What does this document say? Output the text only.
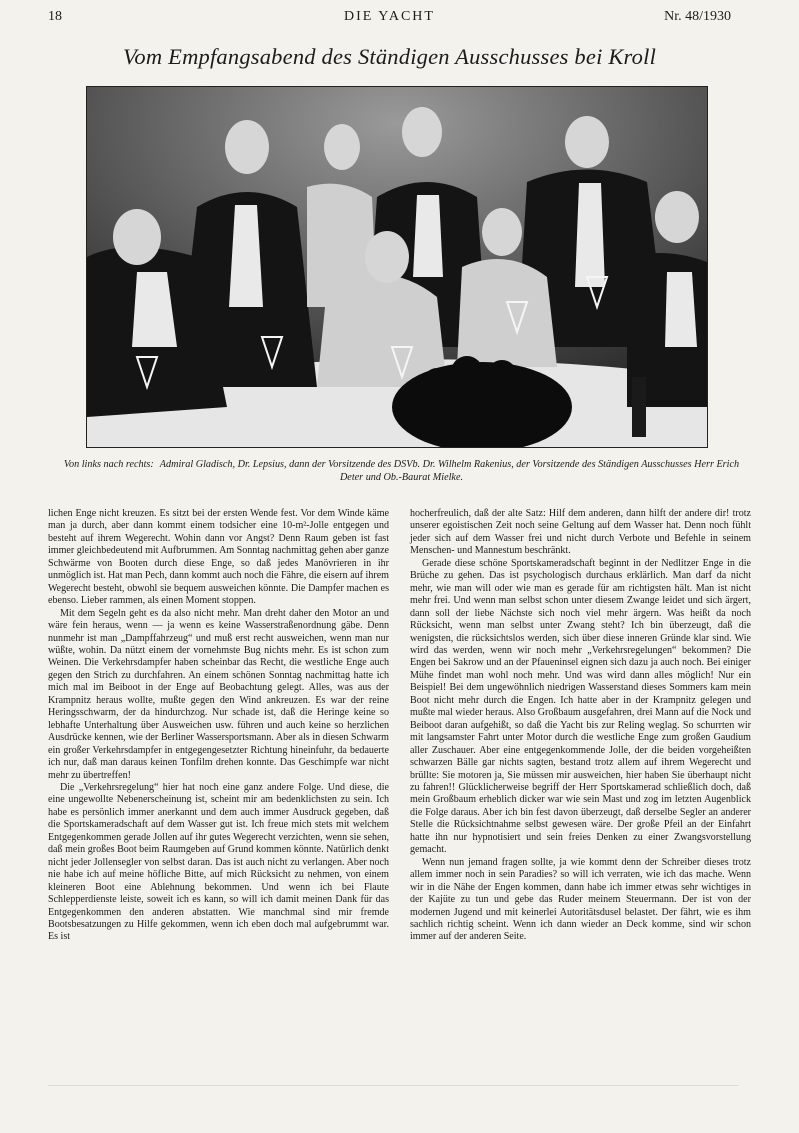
18	DIE YACHT	Nr. 48/1930
Vom Empfangsabend des Ständigen Ausschusses bei Kroll
Von links nach rechts: Admiral Gladisch, Dr. Lepsius, dann der Vorsitzende des DSVb. Dr. Wilhelm Rakenius, der Vorsitzende des Ständigen Ausschusses Herr Erich Deter und Ob.-Baurat Mielke.

lichen Enge nicht kreuzen. Es sitzt bei der ersten Wende fest. Vor dem Winde käme man ja durch, aber dann kommt einem todsicher eine 10-m²-Jolle entgegen und besteht auf ihrem Wegerecht. Wohin dann vor Angst? Denn Raum geben ist fast immer gleichbedeutend mit Aufbrummen. Am Sonntag nachmittag gehen aber ganze Schwärme von Booten durch diese Enge, so daß jedes Manövrieren in ihr unmöglich ist. Hat man Pech, dann kommt auch noch die Fähre, die eisern auf ihrem Wegerecht besteht, obwohl sie bequem ausweichen könnte. Die Dampfer machen es ebenso. Lieber rammen, als einen Moment stoppen.

Mit dem Segeln geht es da also nicht mehr. Man dreht daher den Motor an und wäre fein heraus, wenn — ja wenn es keine Wasserstraßenordnung gäbe. Denn nunmehr ist man „Dampffahrzeug“ und muß erst recht ausweichen, wenn man nur wüßte, wohin. Da nützt einem der vornehmste Bug nichts mehr. Es ist schon zum Weinen. Die Verkehrsdampfer haben scheinbar das Recht, die westliche Enge auch gegen den Strich zu durchfahren. An einem schönen Sonntag nachmittag hatte ich mich mal im Beiboot in der Enge auf Beobachtung gelegt. Alles, was aus der Krampnitz heraus wollte, mußte gegen den Wind ankreuzen. Es war der reine Heringsschwarm, der da hindurchzog. Nur schade ist, daß die Heringe keine so lebhafte Unterhaltung über Ausweichen usw. führen und auch keine so herzlichen Ausdrücke kennen, wie der Berliner Wassersportsmann. Aber als in diesen Schwarm ein großer Verkehrsdampfer in entgegengesetzter Richtung hineinfuhr, da bedauerte ich nur, daß man daraus keinen Tonfilm drehen konnte. Das Geschimpfe war nicht mehr zu übertreffen!

Die „Verkehrsregelung“ hier hat noch eine ganz andere Folge. Und diese, die eine ungewollte Nebenerscheinung ist, scheint mir am bedenklichsten zu sein. Ich habe es persönlich immer anerkannt und dem auch immer Ausdruck gegeben, daß die Sportskameradschaft auf dem Wasser gut ist. Ich freue mich stets mit welchem Entgegenkommen gerade Jollen auf ihr gutes Wegerecht verzichten, wenn sie sehen, daß mein großes Boot beim Raumgeben auf Grund kommen könnte. Natürlich denkt nicht jeder Jollensegler von selbst daran. Das ist auch nicht zu verlangen. Aber noch nie habe ich auf meine höfliche Bitte, auf mich Rücksicht zu nehmen, von einem kleineren Boot eine Ablehnung bekommen. Und wenn ich bei Flaute Schlepperdienste leiste, soweit ich es kann, so will ich damit meinen Dank für das Entgegenkommen den anderen abstatten. Wie manchmal sind mir fremde Bootsbesatzungen zu Hilfe gekommen, wenn ich eben doch mal aufgebrummt war. Es ist

hocherfreulich, daß der alte Satz: Hilf dem anderen, dann hilft der andere dir! trotz unserer egoistischen Zeit noch seine Geltung auf dem Wasser hat. Denn noch fühlt jeder sich auf dem Wasser frei und nicht durch Verbote und Befehle in seinem Menschen- und Mannestum beschränkt.

Gerade diese schöne Sportskameradschaft beginnt in der Nedlitzer Enge in die Brüche zu gehen. Das ist psychologisch durchaus erklärlich. Man darf da nicht mehr, wie man will oder wie man es gerade für am richtigsten hält. Man ist nicht mehr frei. Und wenn man selbst schon unter diesem Zwange leidet und sich ärgert, dann soll der liebe Nächste sich noch viel mehr ärgern. Was heißt da noch Rücksicht, wenn man selbst unter Zwang steht? Ich bin überzeugt, daß die wenigsten, die rücksichtslos werden, sich über diese inneren Gründe klar sind. Wie wird das werden, wenn wir noch mehr „Verkehrsregelungen“ bekommen? Die Engen bei Sakrow und an der Pfaueninsel eignen sich dazu ja auch noch. Bei einiger Mühe findet man wohl noch mehr. Und was wird dann alles möglich! Nur ein Beispiel! Bei dem ungewöhnlich niedrigen Wasserstand dieses Sommers kam mein Boot nicht mehr durch die Engen. Ich hatte aber in der Krampnitz gelegen und mußte mal wieder heraus. Also Großbaum ausgefahren, drei Mann auf die Nock und Beiboot daran aufgehißt, so daß die Yacht bis zur Reling weglag. So schurrten wir mit langsamster Fahrt unter Motor durch die westliche Enge zum großen Gaudium aller Zuschauer. Aber eine entgegenkommende Jolle, der die beiden vorgeheißten schwarzen Bälle gar nichts sagten, bestand trotz allem auf ihrem Wegerecht und brüllte: Sie motoren ja, Sie müssen mir ausweichen, hier haben Sie überhaupt nicht zu fahren!! Glücklicherweise begriff der Herr Sportskamerad schließlich doch, daß mein Großbaum erheblich dicker war wie sein Mast und zog im letzten Augenblick die Folge daraus. Aber ich bin fest davon überzeugt, daß derselbe Segler an anderer Stelle die Rücksichtnahme selbst gewesen wäre. Der große Pfeil an der Einfahrt hatte ihn nur hypnotisiert und sein freies Denken zu einer Zwangsvorstellung gemacht.

Wenn nun jemand fragen sollte, ja wie kommt denn der Schreiber dieses trotz allem immer noch in sein Paradies? so will ich verraten, wie ich das mache. Wenn wir in die Nähe der Engen kommen, dann habe ich immer etwas sehr wichtiges in der Kajüte zu tun und gebe das Ruder meinem Steuermann. Der ist von der modernen Jugend und mit keinerlei Autoritätsdusel belastet. Der fährt, wie es ihm sachlich richtig scheint. Wenn ich dann wieder an Deck komme, sind wir schon immer auf der anderen Seite.
